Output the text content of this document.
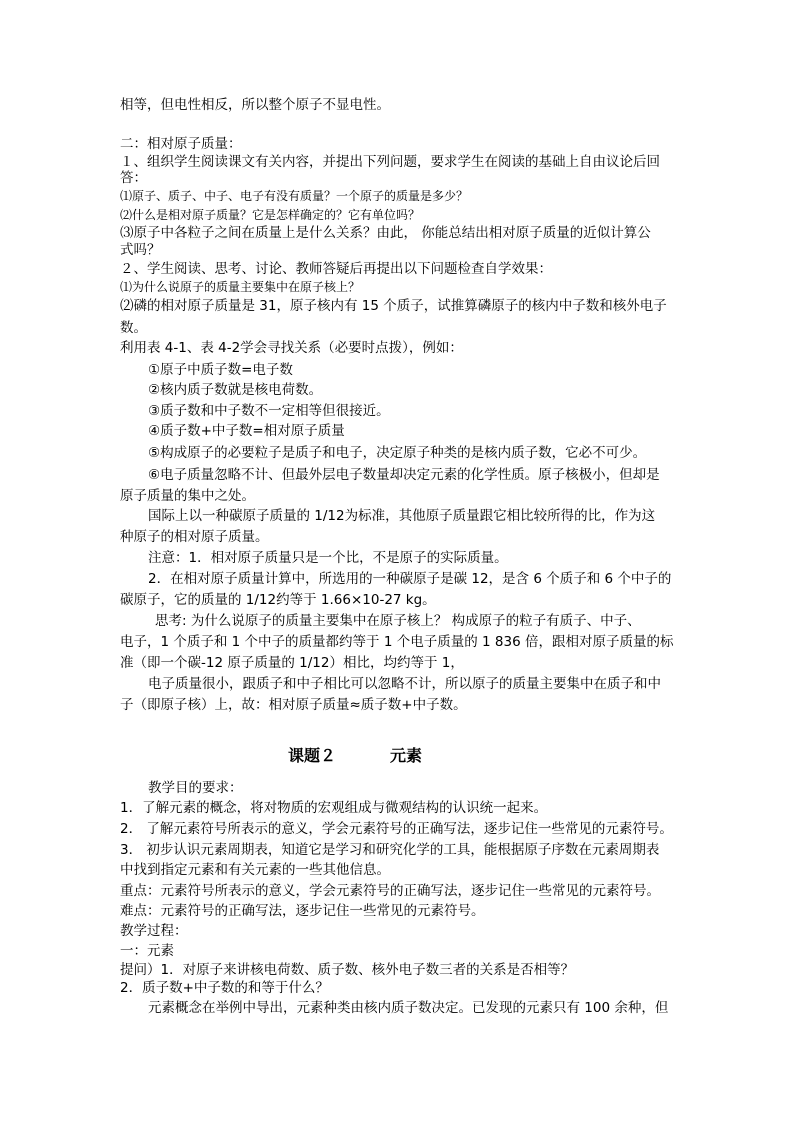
相等，但电性相反，所以整个原子不显电性。
二：相对原子质量：
１、组织学生阅读课文有关内容，并提出下列问题，要求学生在阅读的基础上自由议论后回
答：
⑴原子、质子、中子、电子有没有质量？一个原子的质量是多少？
⑵什么是相对原子质量？它是怎样确定的？它有单位吗？
⑶原子中各粒子之间在质量上是什么关系？由此， 你能总结出相对原子质量的近似计算公
式吗？
２、学生阅读、思考、讨论、教师答疑后再提出以下问题检查自学效果：
⑴为什么说原子的质量主要集中在原子核上？
⑵磷的相对原子质量是 31，原子核内有 15 个质子，试推算磷原子的核内中子数和核外电子
数。
利用表 4-1、表 4-2学会寻找关系（必要时点拨），例如：
①原子中质子数=电子数
②核内质子数就是核电荷数。
③质子数和中子数不一定相等但很接近。
④质子数+中子数=相对原子质量
⑤构成原子的必要粒子是质子和电子，决定原子种类的是核内质子数，它必不可少。
⑥电子质量忽略不计、但最外层电子数量却决定元素的化学性质。原子核极小，但却是
原子质量的集中之处。
国际上以一种碳原子质量的 1/12为标准，其他原子质量跟它相比较所得的比，作为这
种原子的相对原子质量。
注意：1．相对原子质量只是一个比，不是原子的实际质量。
2．在相对原子质量计算中，所选用的一种碳原子是碳 12，是含 6 个质子和 6 个中子的
碳原子，它的质量的 1/12约等于 1.66×10-27 kg。
思考: 为什么说原子的质量主要集中在原子核上？ 构成原子的粒子有质子、中子、
电子，1 个质子和 1 个中子的质量都约等于 1 个电子质量的 1 836 倍，跟相对原子质量的标
准（即一个碳-12 原子质量的 1/12）相比，均约等于 1，
电子质量很小，跟质子和中子相比可以忽略不计，所以原子的质量主要集中在质子和中
子（即原子核）上，故：相对原子质量≈质子数+中子数。
课题２	元素
教学目的要求：
1．了解元素的概念，将对物质的宏观组成与微观结构的认识统一起来。
2． 了解元素符号所表示的意义，学会元素符号的正确写法，逐步记住一些常见的元素符号。
3． 初步认识元素周期表，知道它是学习和研究化学的工具，能根据原子序数在元素周期表
中找到指定元素和有关元素的一些其他信息。
重点：元素符号所表示的意义，学会元素符号的正确写法，逐步记住一些常见的元素符号。
难点：元素符号的正确写法，逐步记住一些常见的元素符号。
教学过程：
一：元素
提问）1．对原子来讲核电荷数、质子数、核外电子数三者的关系是否相等？
2．质子数+中子数的和等于什么？
元素概念在举例中导出，元素种类由核内质子数决定。已发现的元素只有 100 余种，但
